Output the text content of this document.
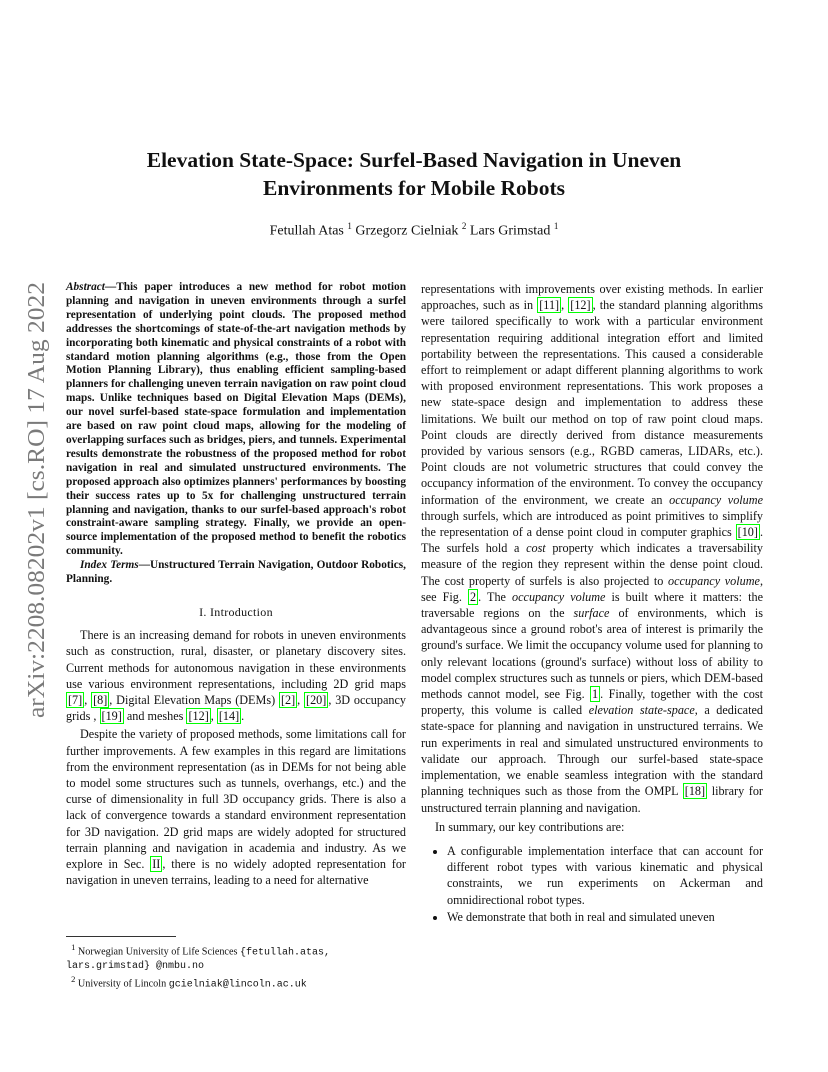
Elevation State-Space: Surfel-Based Navigation in Uneven
Environments for Mobile Robots
Fetullah Atas $^1$ Grzegorz Cielniak $^2$ Lars Grimstad $^1$
arXiv:2208.08202v1 [cs.RO] 17 Aug 2022

Abstract—This paper introduces a new method for robot motion planning and navigation in uneven environments through a surfel representation of underlying point clouds. The proposed method addresses the shortcomings of state-of-the-art navigation methods by incorporating both kinematic and physical constraints of a robot with standard motion planning algorithms (e.g., those from the Open Motion Planning Library), thus enabling efficient sampling-based planners for challenging uneven terrain navigation on raw point cloud maps. Unlike techniques based on Digital Elevation Maps (DEMs), our novel surfel-based state-space formulation and implementation are based on raw point cloud maps, allowing for the modeling of overlapping surfaces such as bridges, piers, and tunnels. Experimental results demonstrate the robustness of the proposed method for robot navigation in real and simulated unstructured environments. The proposed approach also optimizes planners' performances by boosting their success rates up to 5x for challenging unstructured terrain planning and navigation, thanks to our surfel-based approach's robot constraint-aware sampling strategy. Finally, we provide an open-source implementation of the proposed method to benefit the robotics community.

Index Terms—Unstructured Terrain Navigation, Outdoor Robotics, Planning.

I. Introduction

There is an increasing demand for robots in uneven environments such as construction, rural, disaster, or planetary discovery sites. Current methods for autonomous navigation in these environments use various environment representations, including 2D grid maps [7] , [8] , Digital Elevation Maps (DEMs) [2] , [20] , 3D occupancy grids , [19] and meshes [12] , [14] .

Despite the variety of proposed methods, some limitations call for further improvements. A few examples in this regard are limitations from the environment representation (as in DEMs for not being able to model some structures such as tunnels, overhangs, etc.) and the curse of dimensionality in full 3D occupancy grids. There is also a lack of convergence towards a standard environment representation for 3D navigation. 2D grid maps are widely adopted for structured terrain planning and navigation in academia and industry. As we explore in Sec. II , there is no widely adopted representation for navigation in uneven terrains, leading to a need for alternative

representations with improvements over existing methods. In earlier approaches, such as in [11] , [12] , the standard planning algorithms were tailored specifically to work with a particular environment representation requiring additional integration effort and limited portability between the representations. This caused a considerable effort to reimplement or adapt different planning algorithms to work with proposed environment representations. This work proposes a new state-space design and implementation to address these limitations. We built our method on top of raw point cloud maps. Point clouds are directly derived from distance measurements provided by various sensors (e.g., RGBD cameras, LIDARs, etc.). Point clouds are not volumetric structures that could convey the occupancy information of the environment. To convey the occupancy information of the environment, we create an occupancy volume through surfels, which are introduced as point primitives to simplify the representation of a dense point cloud in computer graphics [10] . The surfels hold a cost property which indicates a traversability measure of the region they represent within the dense point cloud. The cost property of surfels is also projected to occupancy volume, see Fig. 2 . The occupancy volume is built where it matters: the traversable regions on the surface of environments, which is advantageous since a ground robot's area of interest is primarily the ground's surface. We limit the occupancy volume used for planning to only relevant locations (ground's surface) without loss of ability to model complex structures such as tunnels or piers, which DEM-based methods cannot model, see Fig. 1 . Finally, together with the cost property, this volume is called elevation state-space, a dedicated state-space for planning and navigation in unstructured terrains. We run experiments in real and simulated unstructured environments to validate our approach. Through our surfel-based state-space implementation, we enable seamless integration with the standard planning techniques such as those from the OMPL [18] library for unstructured terrain planning and navigation.

In summary, our key contributions are:

• A configurable implementation interface that can account for different robot types with various kinematic and physical constraints, we run experiments on Ackerman and omnidirectional robot types.
• We demonstrate that both in real and simulated uneven
$^1$ Norwegian University of Life Sciences {fetullah.atas, lars.grimstad} @nmbu.no
$^2$ University of Lincoln gcielniak@lincoln.ac.uk
